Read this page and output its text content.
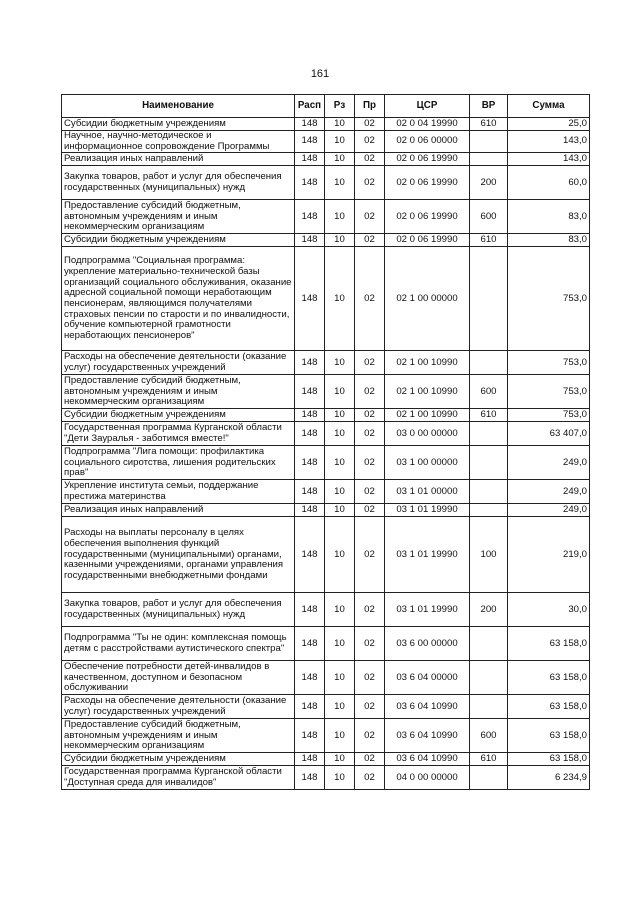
161
Наименование	Расп	Рз	Пр	ЦСР	ВР	Сумма
Субсидии бюджетным учреждениям	148	10	02	02 0 04 19990	610	25,0
Научное, научно-методическое и информационное сопровождение Программы	148	10	02	02 0 06 00000		143,0
Реализация иных направлений	148	10	02	02 0 06 19990		143,0
Закупка товаров, работ и услуг для обеспечения государственных (муниципальных) нужд	148	10	02	02 0 06 19990	200	60,0
Предоставление субсидий бюджетным, автономным учреждениям и иным некоммерческим организациям	148	10	02	02 0 06 19990	600	83,0
Субсидии бюджетным учреждениям	148	10	02	02 0 06 19990	610	83,0
Подпрограмма "Социальная программа: укрепление материально-технической базы организаций социального обслуживания, оказание адресной социальной помощи неработающим пенсионерам, являющимся получателями страховых пенсии по старости и по инвалидности, обучение компьютерной грамотности неработающих пенсионеров"	148	10	02	02 1 00 00000		753,0
Расходы на обеспечение деятельности (оказание услуг) государственных учреждений	148	10	02	02 1 00 10990		753,0
Предоставление субсидий бюджетным, автономным учреждениям и иным некоммерческим организациям	148	10	02	02 1 00 10990	600	753,0
Субсидии бюджетным учреждениям	148	10	02	02 1 00 10990	610	753,0
Государственная программа Курганской области "Дети Зауралья - заботимся вместе!"	148	10	02	03 0 00 00000		63 407,0
Подпрограмма "Лига помощи: профилактика социального сиротства, лишения родительских прав"	148	10	02	03 1 00 00000		249,0
Укрепление института семьи, поддержание престижа материнства	148	10	02	03 1 01 00000		249,0
Реализация иных направлений	148	10	02	03 1 01 19990		249,0
Расходы на выплаты персоналу в целях обеспечения выполнения функций государственными (муниципальными) органами, казенными учреждениями, органами управления государственными внебюджетными фондами	148	10	02	03 1 01 19990	100	219,0
Закупка товаров, работ и услуг для обеспечения государственных (муниципальных) нужд	148	10	02	03 1 01 19990	200	30,0
Подпрограмма "Ты не один: комплексная помощь детям с расстройствами аутистического спектра"	148	10	02	03 6 00 00000		63 158,0
Обеспечение потребности детей-инвалидов в качественном, доступном и безопасном обслуживании	148	10	02	03 6 04 00000		63 158,0
Расходы на обеспечение деятельности (оказание услуг) государственных учреждений	148	10	02	03 6 04 10990		63 158,0
Предоставление субсидий бюджетным, автономным учреждениям и иным некоммерческим организациям	148	10	02	03 6 04 10990	600	63 158,0
Субсидии бюджетным учреждениям	148	10	02	03 6 04 10990	610	63 158,0
Государственная программа Курганской области "Доступная среда для инвалидов"	148	10	02	04 0 00 00000		6 234,9
